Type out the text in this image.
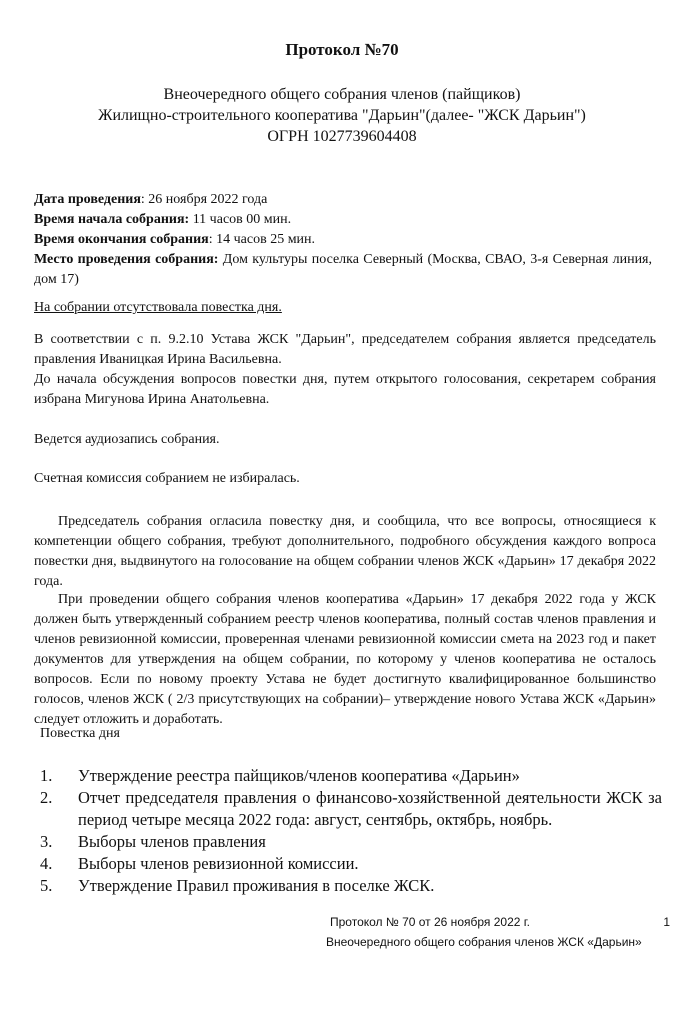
Протокол №70
Внеочередного общего собрания членов (пайщиков)
Жилищно-строительного кооператива "Дарьин"(далее- "ЖСК Дарьин")
ОГРН 1027739604408

Дата проведения: 26 ноября 2022 года

Время начала собрания: 11 часов 00 мин.

Время окончания собрания: 14 часов 25 мин.

Место проведения собрания: Дом культуры поселка Северный (Москва, СВАО, 3-я Северная линия, дом 17)

На собрании отсутствовала повестка дня.
В соответствии с п. 9.2.10 Устава ЖСК "Дарьин", председателем собрания является председатель правления Иваницкая Ирина Васильевна.
До начала обсуждения вопросов повестки дня, путем открытого голосования, секретарем собрания избрана Мигунова Ирина Анатольевна.
Ведется аудиозапись собрания.
Счетная комиссия собранием не избиралась.
Председатель собрания огласила повестку дня, и сообщила, что все вопросы, относящиеся к компетенции общего собрания, требуют дополнительного, подробного обсуждения каждого вопроса повестки дня, выдвинутого на голосование на общем собрании членов ЖСК «Дарьин» 17 декабря 2022 года.
При проведении общего собрания членов кооператива «Дарьин» 17 декабря 2022 года у ЖСК должен быть утвержденный собранием реестр членов кооператива, полный состав членов правления и членов ревизионной комиссии, проверенная членами ревизионной комиссии смета на 2023 год и пакет документов для утверждения на общем собрании, по которому у членов кооператива не осталось вопросов. Если по новому проекту Устава не будет достигнуто квалифицированное большинство голосов, членов ЖСК ( 2/3 присутствующих на собрании)– утверждение нового Устава ЖСК «Дарьин» следует отложить и доработать.
Повестка дня
1.	Утверждение реестра пайщиков/членов кооператива «Дарьин»
2.	Отчет председателя правления о финансово-хозяйственной деятельности ЖСК за период четыре месяца 2022 года: август, сентябрь, октябрь, ноябрь.
3.	Выборы членов правления
4.	Выборы членов ревизионной комиссии.
5.	Утверждение Правил проживания в поселке ЖСК.
Протокол № 70 от 26 ноября 2022 г.	1
Внеочередного общего собрания членов ЖСК «Дарьин»
